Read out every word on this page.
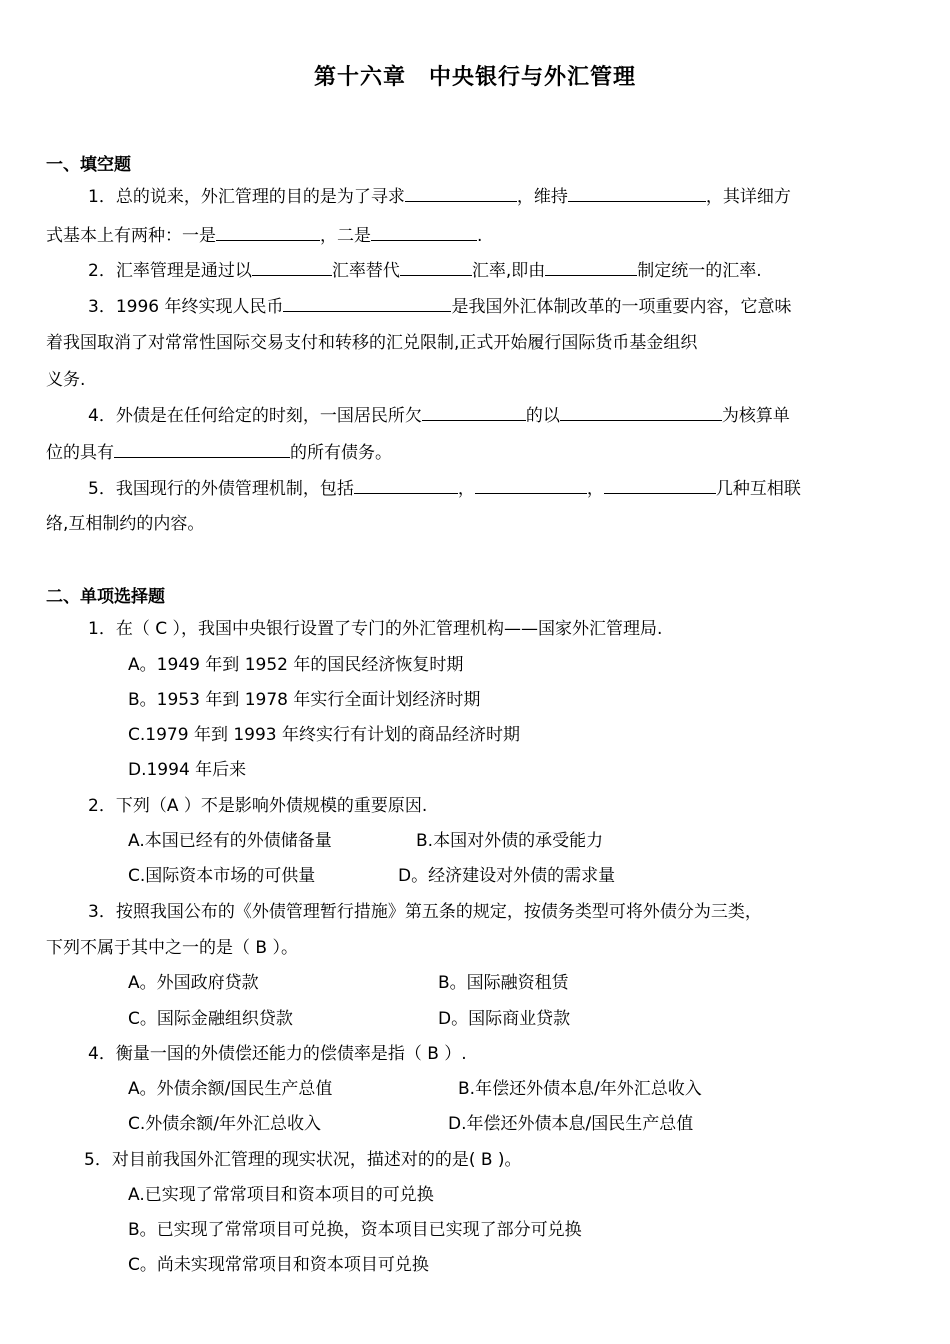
第十六章　中央银行与外汇管理
一、填空题
1．总的说来，外汇管理的目的是为了寻求	，维持	，其详细方
式基本上有两种：一是	，二是	.
2．汇率管理是通过以	汇率替代	汇率,即由	制定统一的汇率.
3．1996 年终实现人民币	是我国外汇体制改革的一项重要内容，它意味
着我国取消了对常常性国际交易支付和转移的汇兑限制,正式开始履行国际货币基金组织
义务.
4．外债是在任何给定的时刻，一国居民所欠	的以	为核算单
位的具有	的所有债务。
5．我国现行的外债管理机制，包括	，	，	几种互相联
络,互相制约的内容。
二、单项选择题
1．在（ C ），我国中央银行设置了专门的外汇管理机构——国家外汇管理局.
A。1949 年到 1952 年的国民经济恢复时期
B。1953 年到 1978 年实行全面计划经济时期
C.1979 年到 1993 年终实行有计划的商品经济时期
D.1994 年后来
2．下列（A ）不是影响外债规模的重要原因.
A.本国已经有的外债储备量	B.本国对外债的承受能力
C.国际资本市场的可供量	D。经济建设对外债的需求量
3．按照我国公布的《外债管理暂行措施》第五条的规定，按债务类型可将外债分为三类，
下列不属于其中之一的是（ B ）。
A。外国政府贷款	B。国际融资租赁
C。国际金融组织贷款	D。国际商业贷款
4．衡量一国的外债偿还能力的偿债率是指（ B ）.
A。外债余额/国民生产总值	B.年偿还外债本息/年外汇总收入
C.外债余额/年外汇总收入	D.年偿还外债本息/国民生产总值
5．对目前我国外汇管理的现实状况，描述对的的是( B )。
A.已实现了常常项目和资本项目的可兑换
B。已实现了常常项目可兑换，资本项目已实现了部分可兑换
C。尚未实现常常项目和资本项目可兑换
